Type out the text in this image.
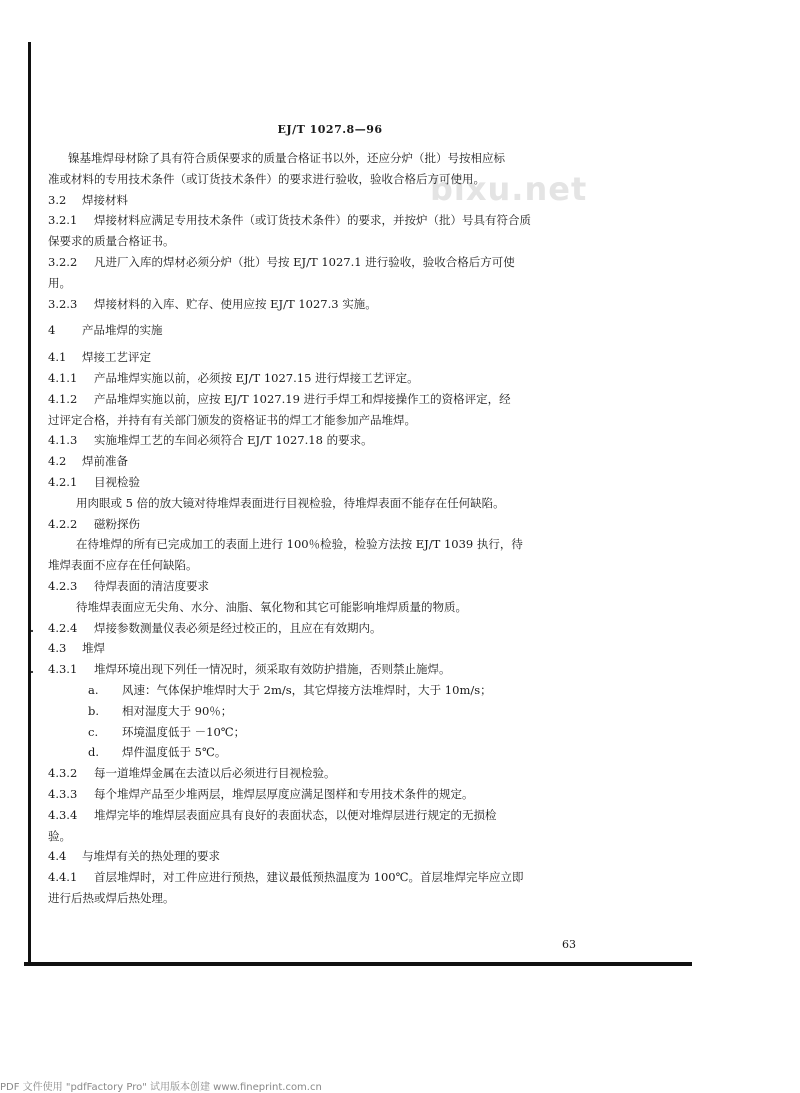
bixu.net
EJ/T 1027.8—96
镍基堆焊母材除了具有符合质保要求的质量合格证书以外，还应分炉（批）号按相应标
准或材料的专用技术条件（或订货技术条件）的要求进行验收，验收合格后方可使用。
3.2 焊接材料
3.2.1 焊接材料应满足专用技术条件（或订货技术条件）的要求，并按炉（批）号具有符合质
保要求的质量合格证书。
3.2.2 凡进厂入库的焊材必须分炉（批）号按 EJ/T 1027.1 进行验收，验收合格后方可使
用。
3.2.3 焊接材料的入库、贮存、使用应按 EJ/T 1027.3 实施。
4 产品堆焊的实施
4.1 焊接工艺评定
4.1.1 产品堆焊实施以前，必须按 EJ/T 1027.15 进行焊接工艺评定。
4.1.2 产品堆焊实施以前，应按 EJ/T 1027.19 进行手焊工和焊接操作工的资格评定，经
过评定合格，并持有有关部门颁发的资格证书的焊工才能参加产品堆焊。
4.1.3 实施堆焊工艺的车间必须符合 EJ/T 1027.18 的要求。
4.2 焊前准备
4.2.1 目视检验
用肉眼或 5 倍的放大镜对待堆焊表面进行目视检验，待堆焊表面不能存在任何缺陷。
4.2.2 磁粉探伤
在待堆焊的所有已完成加工的表面上进行 100％检验，检验方法按 EJ/T 1039 执行，待
堆焊表面不应存在任何缺陷。
4.2.3 待焊表面的清洁度要求
待堆焊表面应无尖角、水分、油脂、氧化物和其它可能影响堆焊质量的物质。
. 4.2.4 焊接参数测量仪表必须是经过校正的，且应在有效期内。
4.3 堆焊
. 4.3.1 堆焊环境出现下列任一情况时，须采取有效防护措施，否则禁止施焊。
a. 风速：气体保护堆焊时大于 2m/s，其它焊接方法堆焊时，大于 10m/s；
b. 相对湿度大于 90％；
c. 环境温度低于 －10℃；
d. 焊件温度低于 5℃。
4.3.2 每一道堆焊金属在去渣以后必须进行目视检验。
4.3.3 每个堆焊产品至少堆两层，堆焊层厚度应满足图样和专用技术条件的规定。
4.3.4 堆焊完毕的堆焊层表面应具有良好的表面状态，以便对堆焊层进行规定的无损检
验。
4.4 与堆焊有关的热处理的要求
4.4.1 首层堆焊时，对工件应进行预热，建议最低预热温度为 100℃。首层堆焊完毕应立即
进行后热或焊后热处理。
63
PDF 文件使用 "pdfFactory Pro" 试用版本创建 www.fineprint.com.cn
